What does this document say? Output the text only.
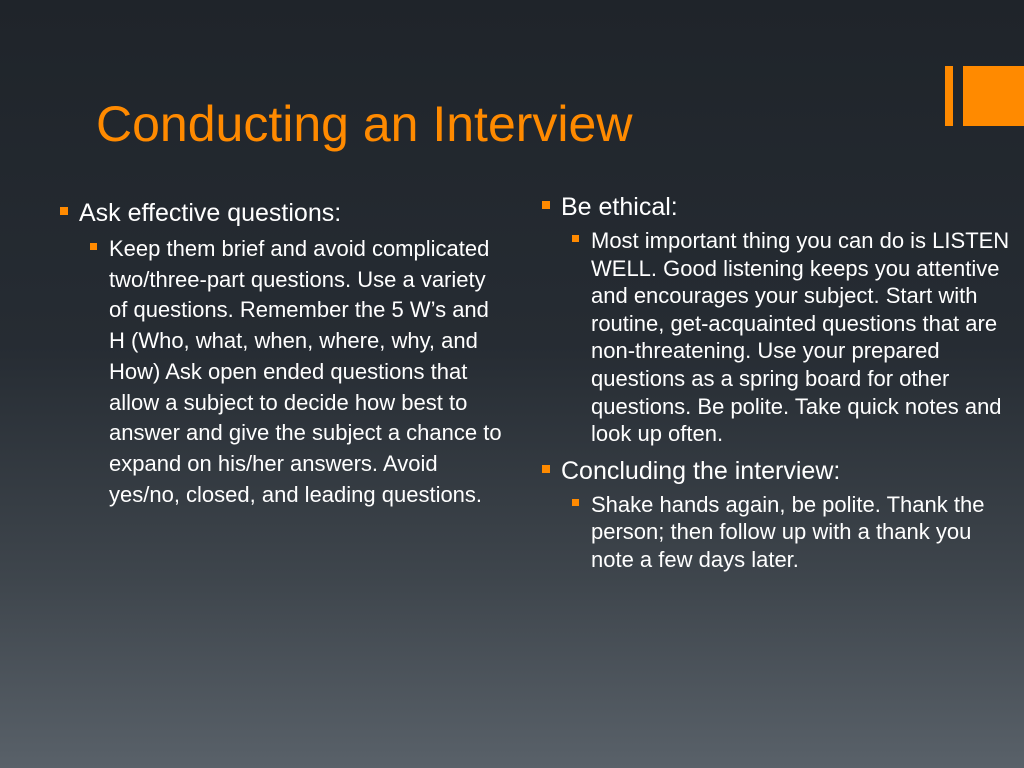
Conducting an Interview

Ask effective questions:

Keep them brief and avoid complicated two/three-part questions. Use a variety of questions. Remember the 5 W’s and H (Who, what, when, where, why, and How) Ask open ended questions that allow a subject to decide how best to answer and give the subject a chance to expand on his/her answers. Avoid yes/no, closed, and leading questions.

Be ethical:

Most important thing you can do is LISTEN WELL. Good listening keeps you attentive and encourages your subject. Start with routine, get-acquainted questions that are non-threatening. Use your prepared questions as a spring board for other questions. Be polite. Take quick notes and look up often.

Concluding the interview:

Shake hands again, be polite. Thank the person; then follow up with a thank you note a few days later.
